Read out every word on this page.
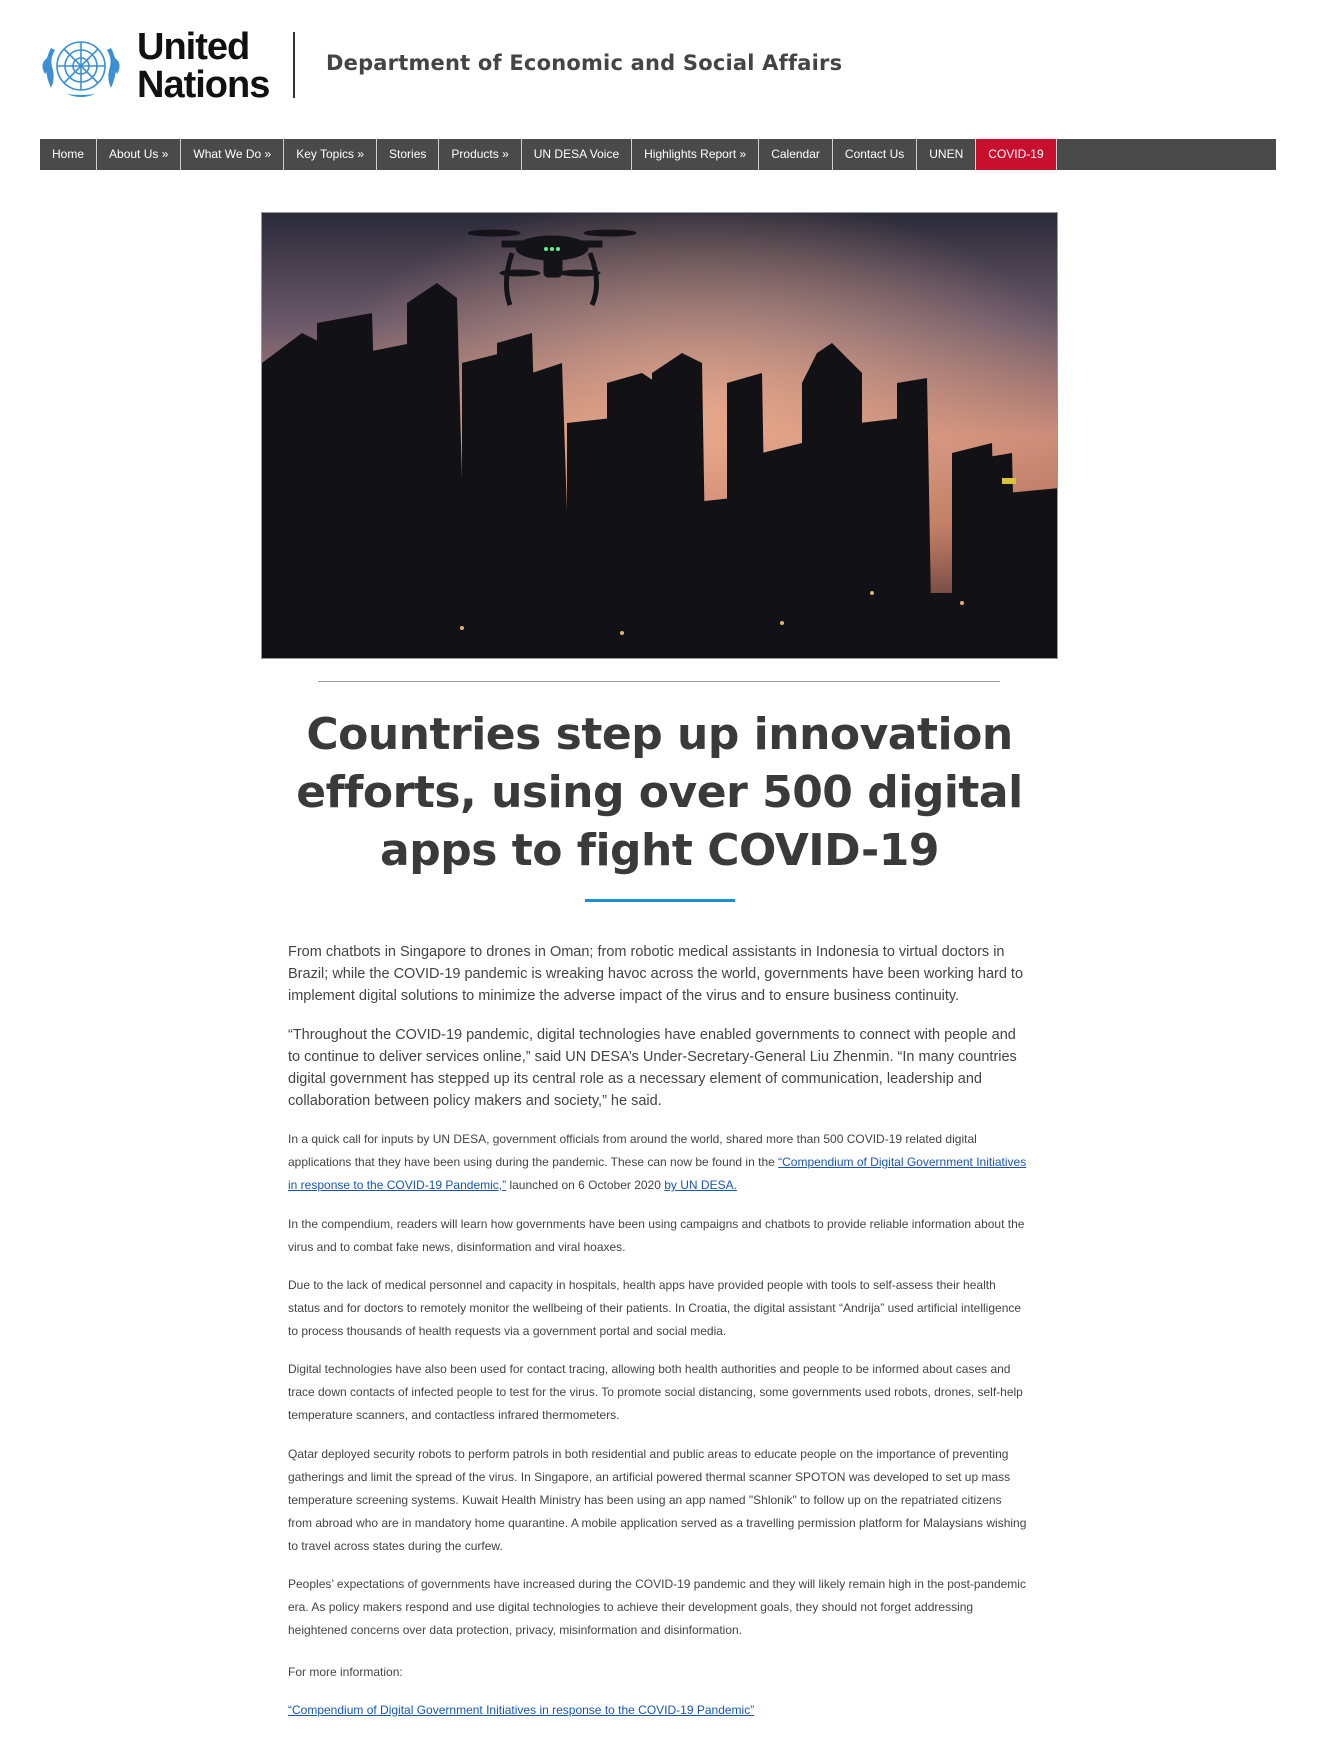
United
Nations
Department of Economic and Social Affairs
Home	About Us »	What We Do »	Key Topics »	Stories	Products »	UN DESA Voice	Highlights Report »	Calendar	Contact Us	UNEN	COVID-19
Countries step up innovation efforts, using over 500 digital apps to fight COVID-19

From chatbots in Singapore to drones in Oman; from robotic medical assistants in Indonesia to virtual doctors in Brazil; while the COVID-19 pandemic is wreaking havoc across the world, governments have been working hard to implement digital solutions to minimize the adverse impact of the virus and to ensure business continuity.

“Throughout the COVID-19 pandemic, digital technologies have enabled governments to connect with people and to continue to deliver services online,” said UN DESA’s Under-Secretary-General Liu Zhenmin. “In many countries digital government has stepped up its central role as a necessary element of communication, leadership and collaboration between policy makers and society,” he said.

In a quick call for inputs by UN DESA, government officials from around the world, shared more than 500 COVID-19 related digital applications that they have been using during the pandemic. These can now be found in the “Compendium of Digital Government Initiatives in response to the COVID-19 Pandemic,” launched on 6 October 2020 by UN DESA.

In the compendium, readers will learn how governments have been using campaigns and chatbots to provide reliable information about the virus and to combat fake news, disinformation and viral hoaxes.

Due to the lack of medical personnel and capacity in hospitals, health apps have provided people with tools to self-assess their health status and for doctors to remotely monitor the wellbeing of their patients. In Croatia, the digital assistant “Andrija” used artificial intelligence to process thousands of health requests via a government portal and social media.

Digital technologies have also been used for contact tracing, allowing both health authorities and people to be informed about cases and trace down contacts of infected people to test for the virus. To promote social distancing, some governments used robots, drones, self-help temperature scanners, and contactless infrared thermometers.

Qatar deployed security robots to perform patrols in both residential and public areas to educate people on the importance of preventing gatherings and limit the spread of the virus. In Singapore, an artificial powered thermal scanner SPOTON was developed to set up mass temperature screening systems. Kuwait Health Ministry has been using an app named "Shlonik" to follow up on the repatriated citizens from abroad who are in mandatory home quarantine. A mobile application served as a travelling permission platform for Malaysians wishing to travel across states during the curfew.

Peoples’ expectations of governments have increased during the COVID-19 pandemic and they will likely remain high in the post-pandemic era. As policy makers respond and use digital technologies to achieve their development goals, they should not forget addressing heightened concerns over data protection, privacy, misinformation and disinformation.

For more information:

“Compendium of Digital Government Initiatives in response to the COVID-19 Pandemic”
